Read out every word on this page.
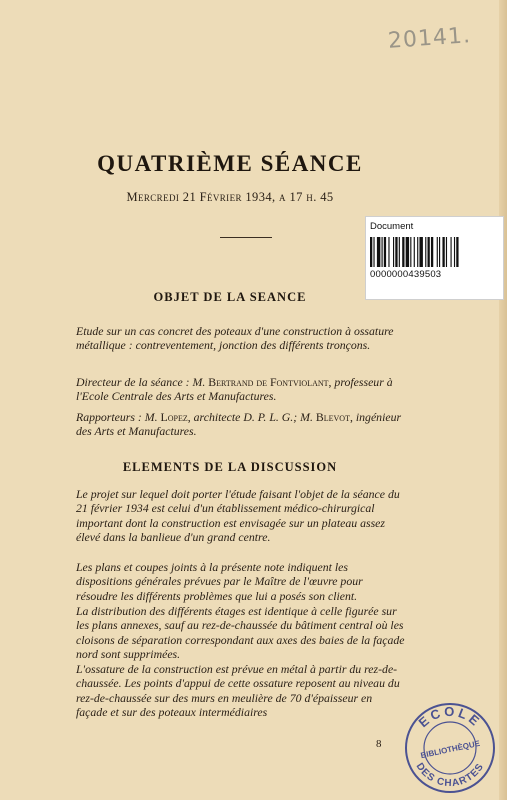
20141.
QUATRIÈME SÉANCE
Mercredi 21 Février 1934, a 17 h. 45
Document
0000000439503
OBJET DE LA SEANCE

Etude sur un cas concret des poteaux d'une construction à ossature métallique : contreventement, jonction des différents tronçons.

Directeur de la séance : M. Bertrand de Fontviolant, professeur à l'Ecole Centrale des Arts et Manufactures.

Rapporteurs : M. Lopez, architecte D. P. L. G.; M. Blevot, ingénieur des Arts et Manufactures.

ELEMENTS DE LA DISCUSSION

Le projet sur lequel doit porter l'étude faisant l'objet de la séance du 21 février 1934 est celui d'un établissement médico-chirurgical important dont la construction est envisagée sur un plateau assez élevé dans la banlieue d'un grand centre.

Les plans et coupes joints à la présente note indiquent les dispositions générales prévues par le Maître de l'œuvre pour résoudre les différents problèmes que lui a posés son client.

La distribution des différents étages est identique à celle figurée sur les plans annexes, sauf au rez-de-chaussée du bâtiment central où les cloisons de séparation correspondant aux axes des baies de la façade nord sont supprimées.

L'ossature de la construction est prévue en métal à partir du rez-de-chaussée. Les points d'appui de cette ossature reposent au niveau du rez-de-chaussée sur des murs en meulière de 70 d'épaisseur en façade et sur des poteaux intermédiaires

8
ECOLE
DES CHARTES
BIBLIOTHÈQUE
